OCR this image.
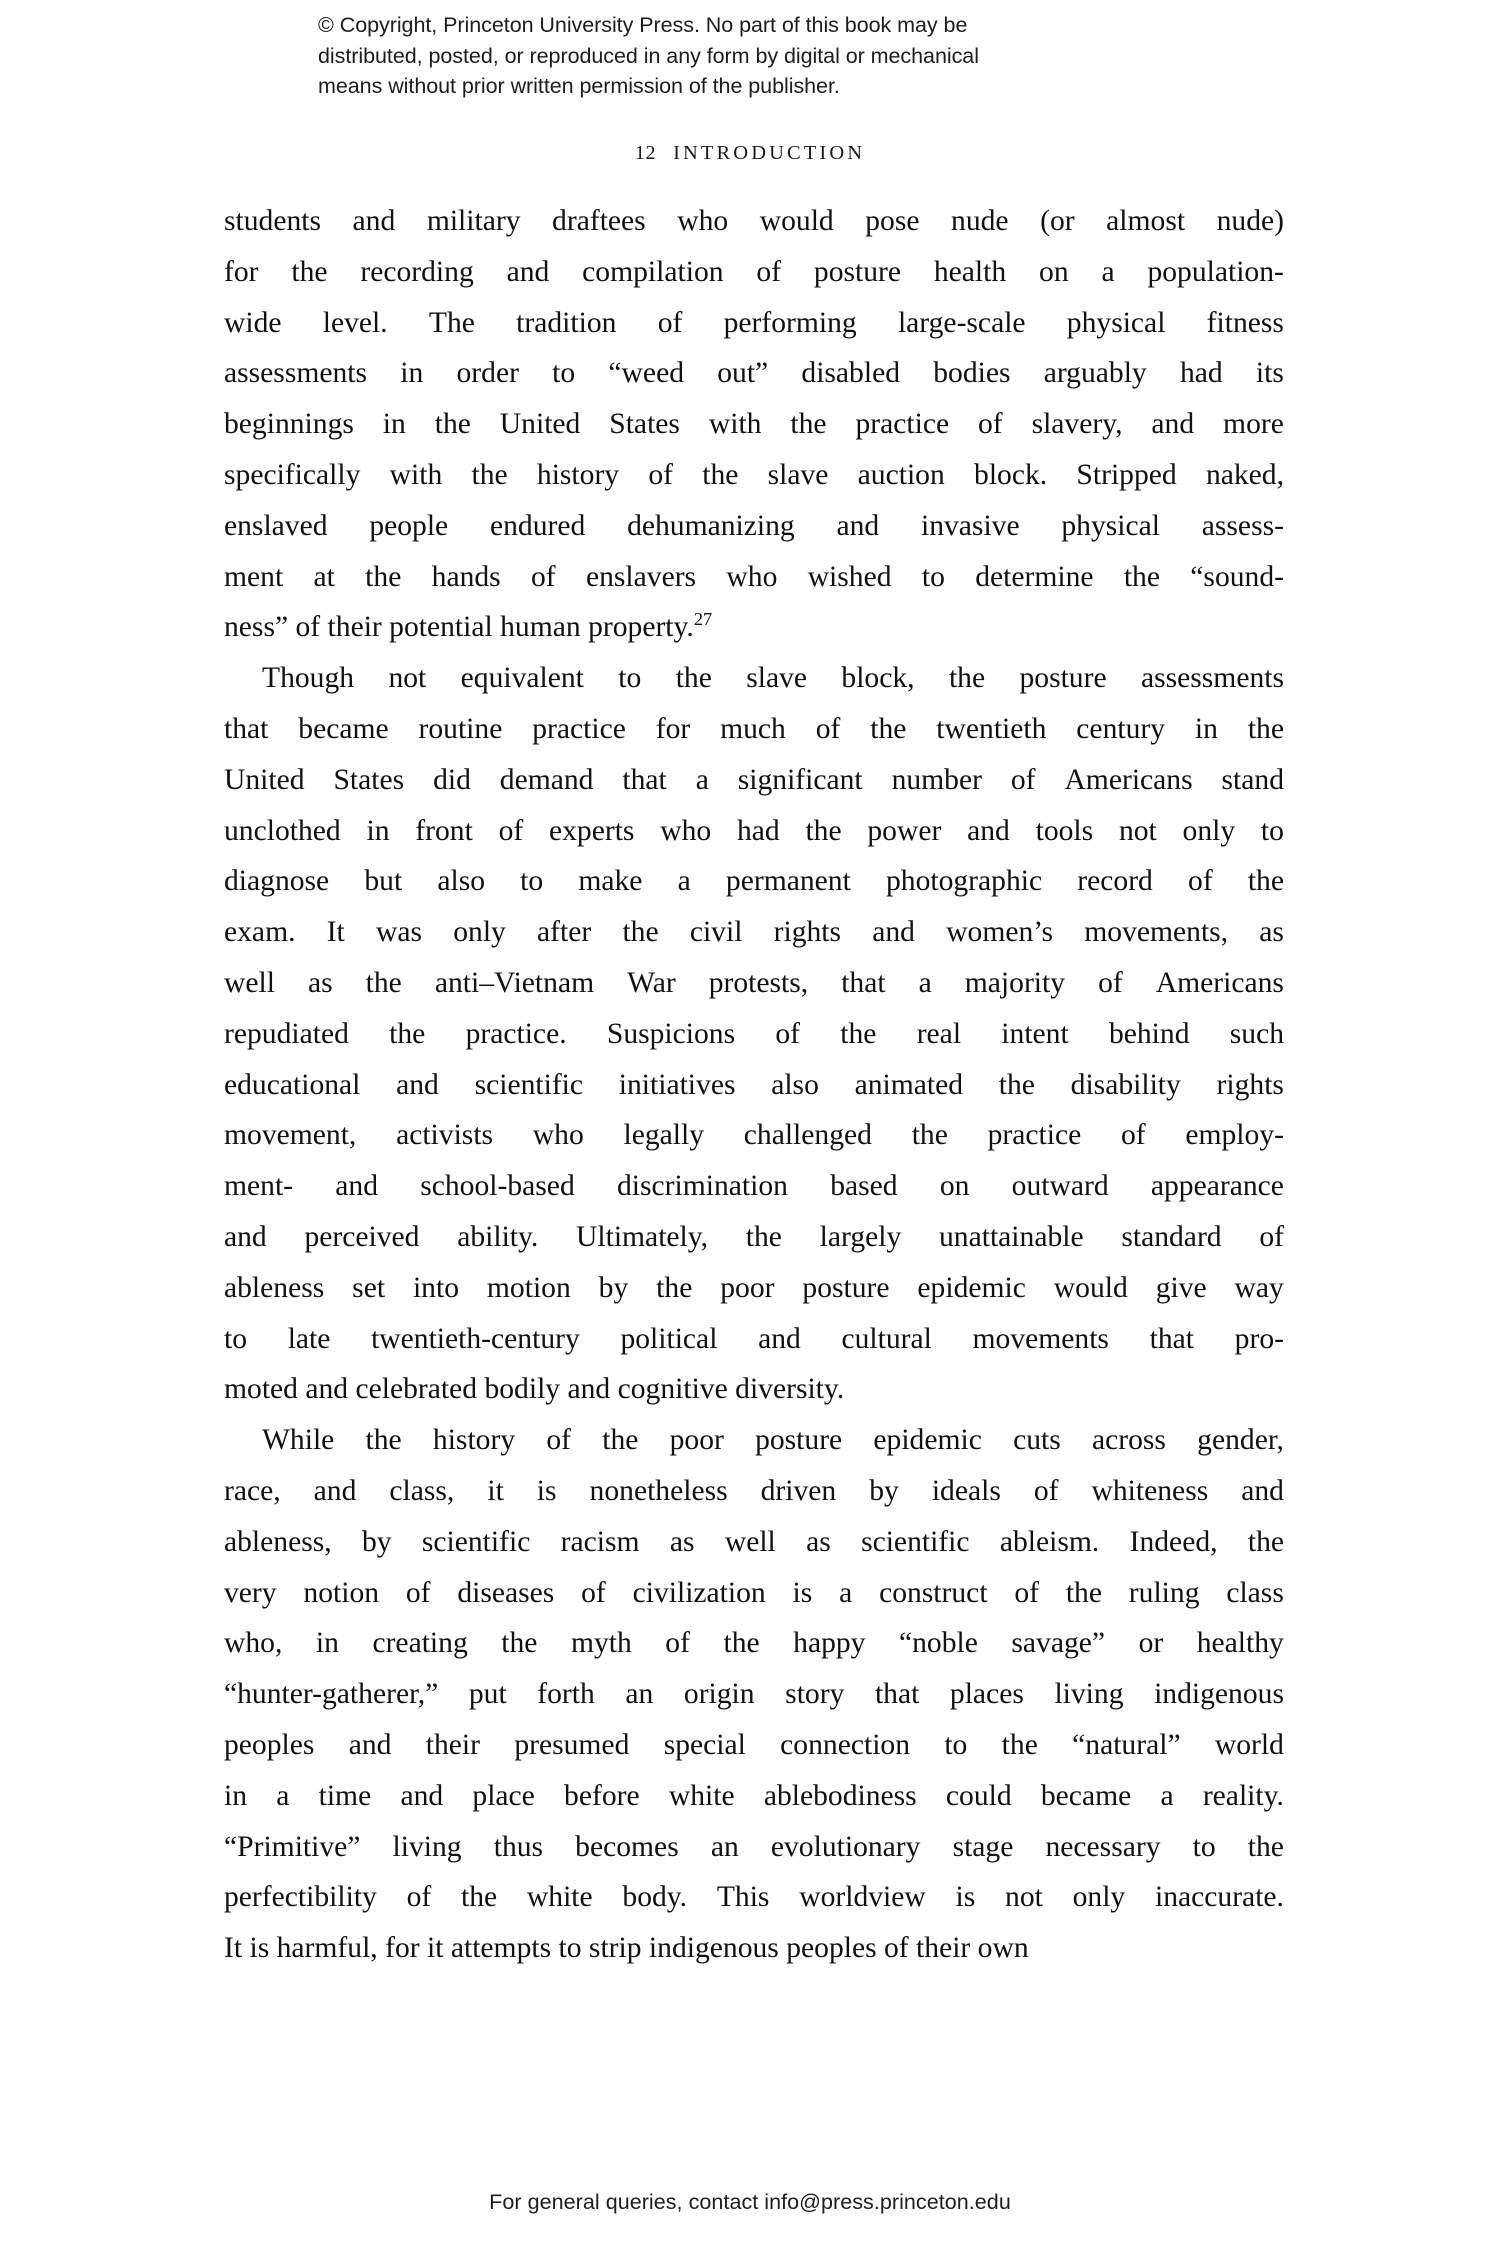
© Copyright, Princeton University Press. No part of this book may be
distributed, posted, or reproduced in any form by digital or mechanical
means without prior written permission of the publisher.
12 INTRODUCTION

students and military draftees who would pose nude (or almost nude)
for the recording and compilation of posture health on a population-
wide level. The tradition of performing large-scale physical fitness
assessments in order to “weed out” disabled bodies arguably had its
beginnings in the United States with the practice of slavery, and more
specifically with the history of the slave auction block. Stripped naked,
enslaved people endured dehumanizing and invasive physical assess-
ment at the hands of enslavers who wished to determine the “sound-
ness” of their potential human property.$^{27}$

Though not equivalent to the slave block, the posture assessments
that became routine practice for much of the twentieth century in the
United States did demand that a significant number of Americans stand
unclothed in front of experts who had the power and tools not only to
diagnose but also to make a permanent photographic record of the
exam. It was only after the civil rights and women’s movements, as
well as the anti–Vietnam War protests, that a majority of Americans
repudiated the practice. Suspicions of the real intent behind such
educational and scientific initiatives also animated the disability rights
movement, activists who legally challenged the practice of employ-
ment- and school-based discrimination based on outward appearance
and perceived ability. Ultimately, the largely unattainable standard of
ableness set into motion by the poor posture epidemic would give way
to late twentieth-century political and cultural movements that pro-
moted and celebrated bodily and cognitive diversity.

While the history of the poor posture epidemic cuts across gender,
race, and class, it is nonetheless driven by ideals of whiteness and
ableness, by scientific racism as well as scientific ableism. Indeed, the
very notion of diseases of civilization is a construct of the ruling class
who, in creating the myth of the happy “noble savage” or healthy
“hunter-gatherer,” put forth an origin story that places living indigenous
peoples and their presumed special connection to the “natural” world
in a time and place before white ablebodiness could became a reality.
“Primitive” living thus becomes an evolutionary stage necessary to the
perfectibility of the white body. This worldview is not only inaccurate.
It is harmful, for it attempts to strip indigenous peoples of their own

For general queries, contact info@press.princeton.edu
